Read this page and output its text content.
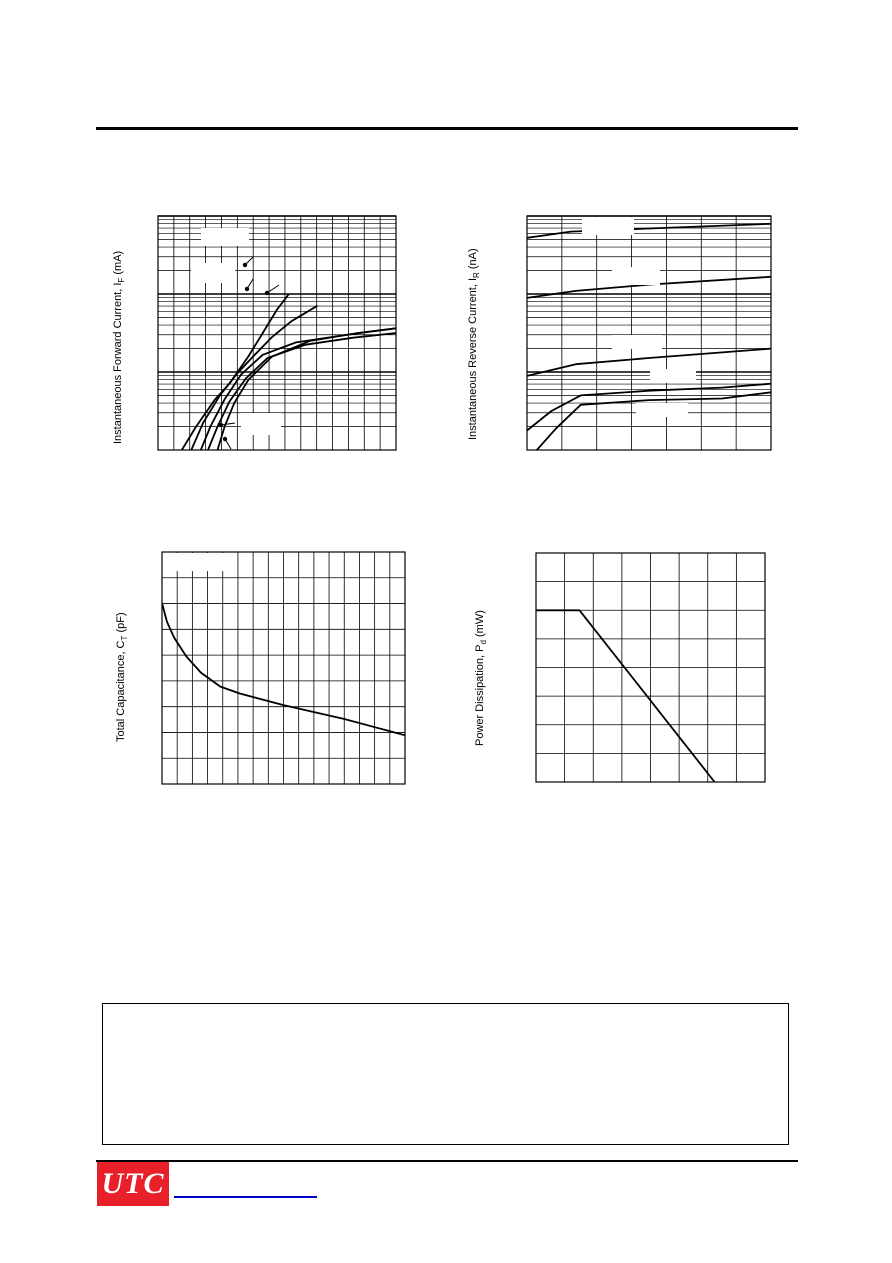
Instantaneous Forward Current, $I_F$ (mA)
Instantaneous Reverse Current, $I_R$ (nA)
Total Capacitance, $C_T$ (pF)
Power Dissipation, $P_d$ (mW)
UTC
